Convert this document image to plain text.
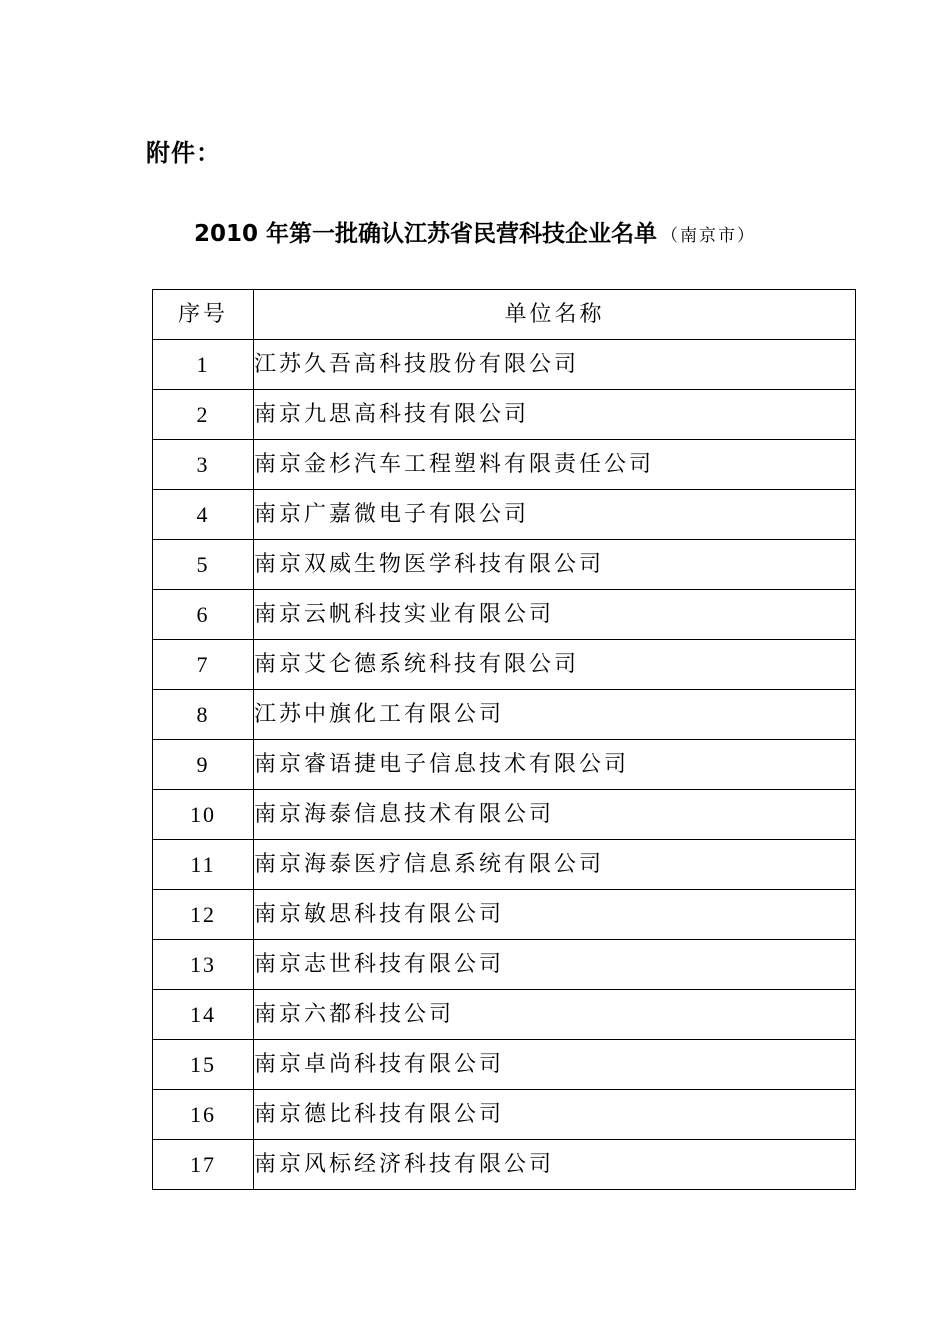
附件：
2010 年第一批确认江苏省民营科技企业名单 （南京市）
序号	单位名称
1	江苏久吾高科技股份有限公司
2	南京九思高科技有限公司
3	南京金杉汽车工程塑料有限责任公司
4	南京广嘉微电子有限公司
5	南京双威生物医学科技有限公司
6	南京云帆科技实业有限公司
7	南京艾仑德系统科技有限公司
8	江苏中旗化工有限公司
9	南京睿语捷电子信息技术有限公司
10	南京海泰信息技术有限公司
11	南京海泰医疗信息系统有限公司
12	南京敏思科技有限公司
13	南京志世科技有限公司
14	南京六都科技公司
15	南京卓尚科技有限公司
16	南京德比科技有限公司
17	南京风标经济科技有限公司
